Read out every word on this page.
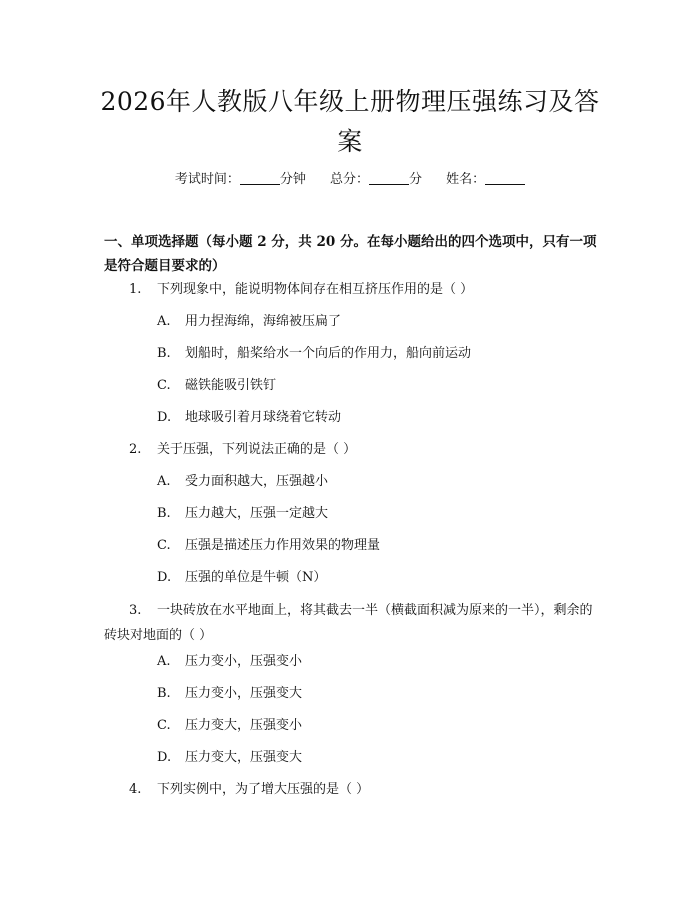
2026年人教版八年级上册物理压强练习及答案
考试时间：	分钟 总分：	分 姓名：
一、单项选择题（每小题 2 分，共 20 分。在每小题给出的四个选项中，只有一项是符合题目要求的）
1. 下列现象中，能说明物体间存在相互挤压作用的是（ ）
A. 用力捏海绵，海绵被压扁了
B. 划船时，船桨给水一个向后的作用力，船向前运动
C. 磁铁能吸引铁钉
D. 地球吸引着月球绕着它转动
2. 关于压强，下列说法正确的是（ ）
A. 受力面积越大，压强越小
B. 压力越大，压强一定越大
C. 压强是描述压力作用效果的物理量
D. 压强的单位是牛顿（N）
3. 一块砖放在水平地面上，将其截去一半（横截面积减为原来的一半），剩余的砖块对地面的（ ）
A. 压力变小，压强变小
B. 压力变小，压强变大
C. 压力变大，压强变小
D. 压力变大，压强变大
4. 下列实例中，为了增大压强的是（ ）
